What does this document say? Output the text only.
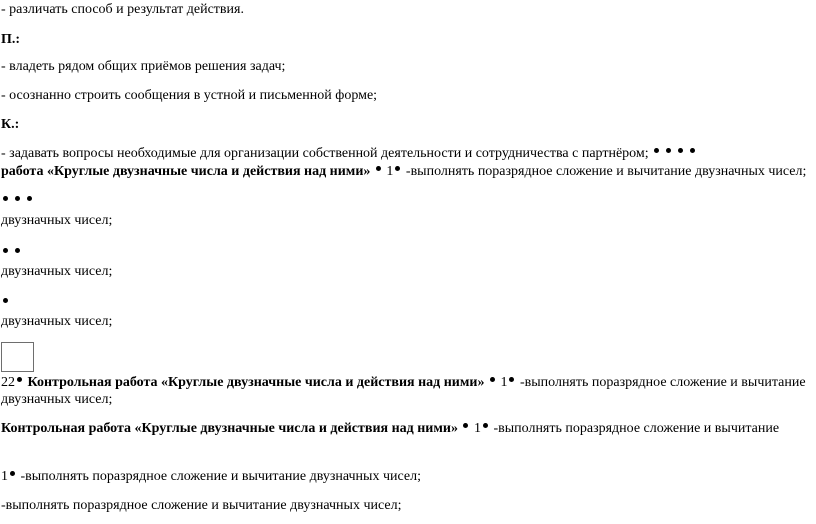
- различать способ и результат действия.
П.:
- владеть рядом общих приёмов решения задач;
- осознанно строить сообщения в устной и письменной форме;
К.:
- задавать вопросы необходимые для организации собственной деятельности и сотрудничества с партнёром;
работа «Круглые двузначные числа и действия над ними» 1 -выполнять поразрядное сложение и вычитание двузначных чисел;
двузначных чисел;
двузначных чисел;
двузначных чисел;
22 Контрольная работа «Круглые двузначные числа и действия над ними» 1 -выполнять поразрядное сложение и вычитание
двузначных чисел;
Контрольная работа «Круглые двузначные числа и действия над ними» 1 -выполнять поразрядное сложение и вычитание
1 -выполнять поразрядное сложение и вычитание двузначных чисел;
-выполнять поразрядное сложение и вычитание двузначных чисел;
